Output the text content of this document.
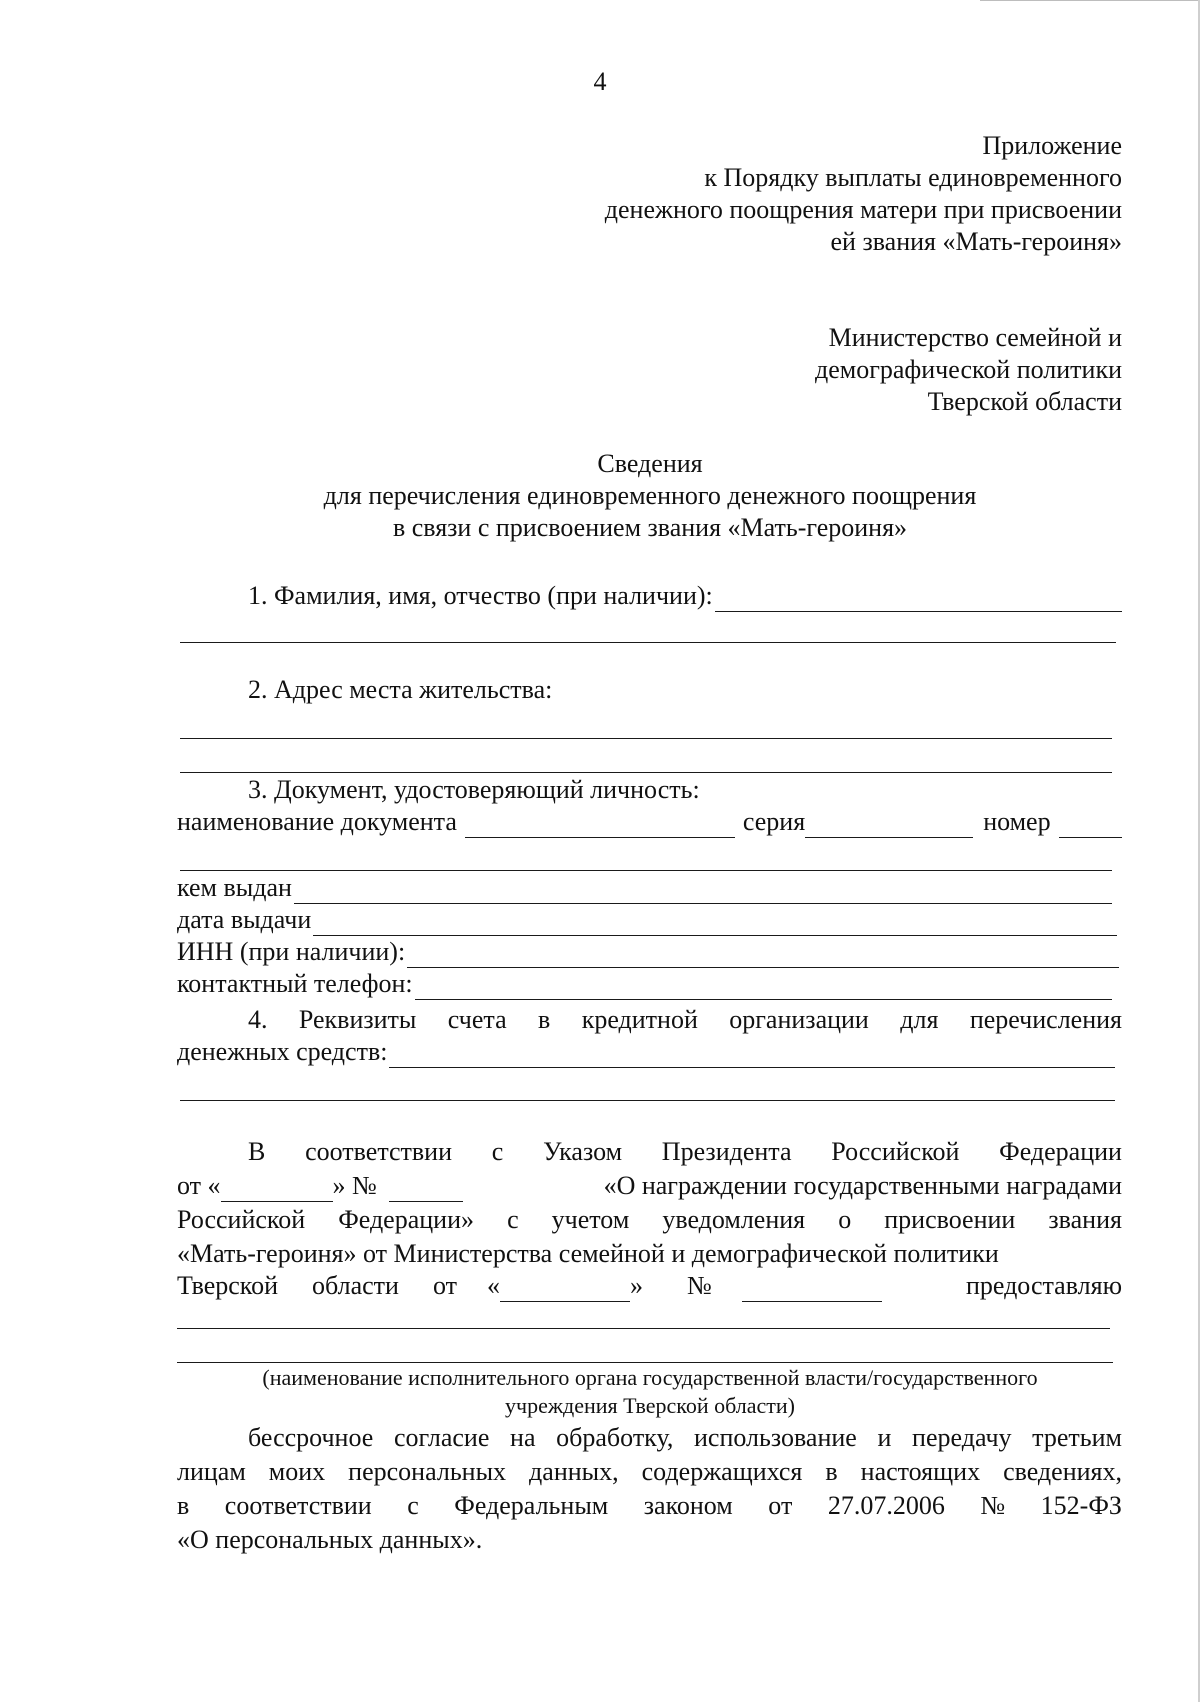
4
Приложение
к Порядку выплаты единовременного
денежного поощрения матери при присвоении
ей звания «Мать-героиня»
Министерство семейной и
демографической политики
Тверской области
Сведения
для перечисления единовременного денежного поощрения
в связи с присвоением звания «Мать-героиня»
1. Фамилия, имя, отчество (при наличии):
2. Адрес места жительства:
3. Документ, удостоверяющий личность:
наименование документа	серия	номер
кем выдан
дата выдачи
ИНН (при наличии):
контактный телефон:
4. Реквизиты счета в кредитной организации для перечисления
денежных средств:
В соответствии с Указом Президента Российской Федерации
от «	» №	«О награждении государственными наградами
Российской Федерации» с учетом уведомления о присвоении звания
«Мать-героиня» от Министерства семейной и демографической политики
Тверской области от «	» №	предоставляю
(наименование исполнительного органа государственной власти/государственного
учреждения Тверской области)
бессрочное согласие на обработку, использование и передачу третьим
лицам моих персональных данных, содержащихся в настоящих сведениях,
в соответствии с Федеральным законом от 27.07.2006 № 152-ФЗ
«О персональных данных».
